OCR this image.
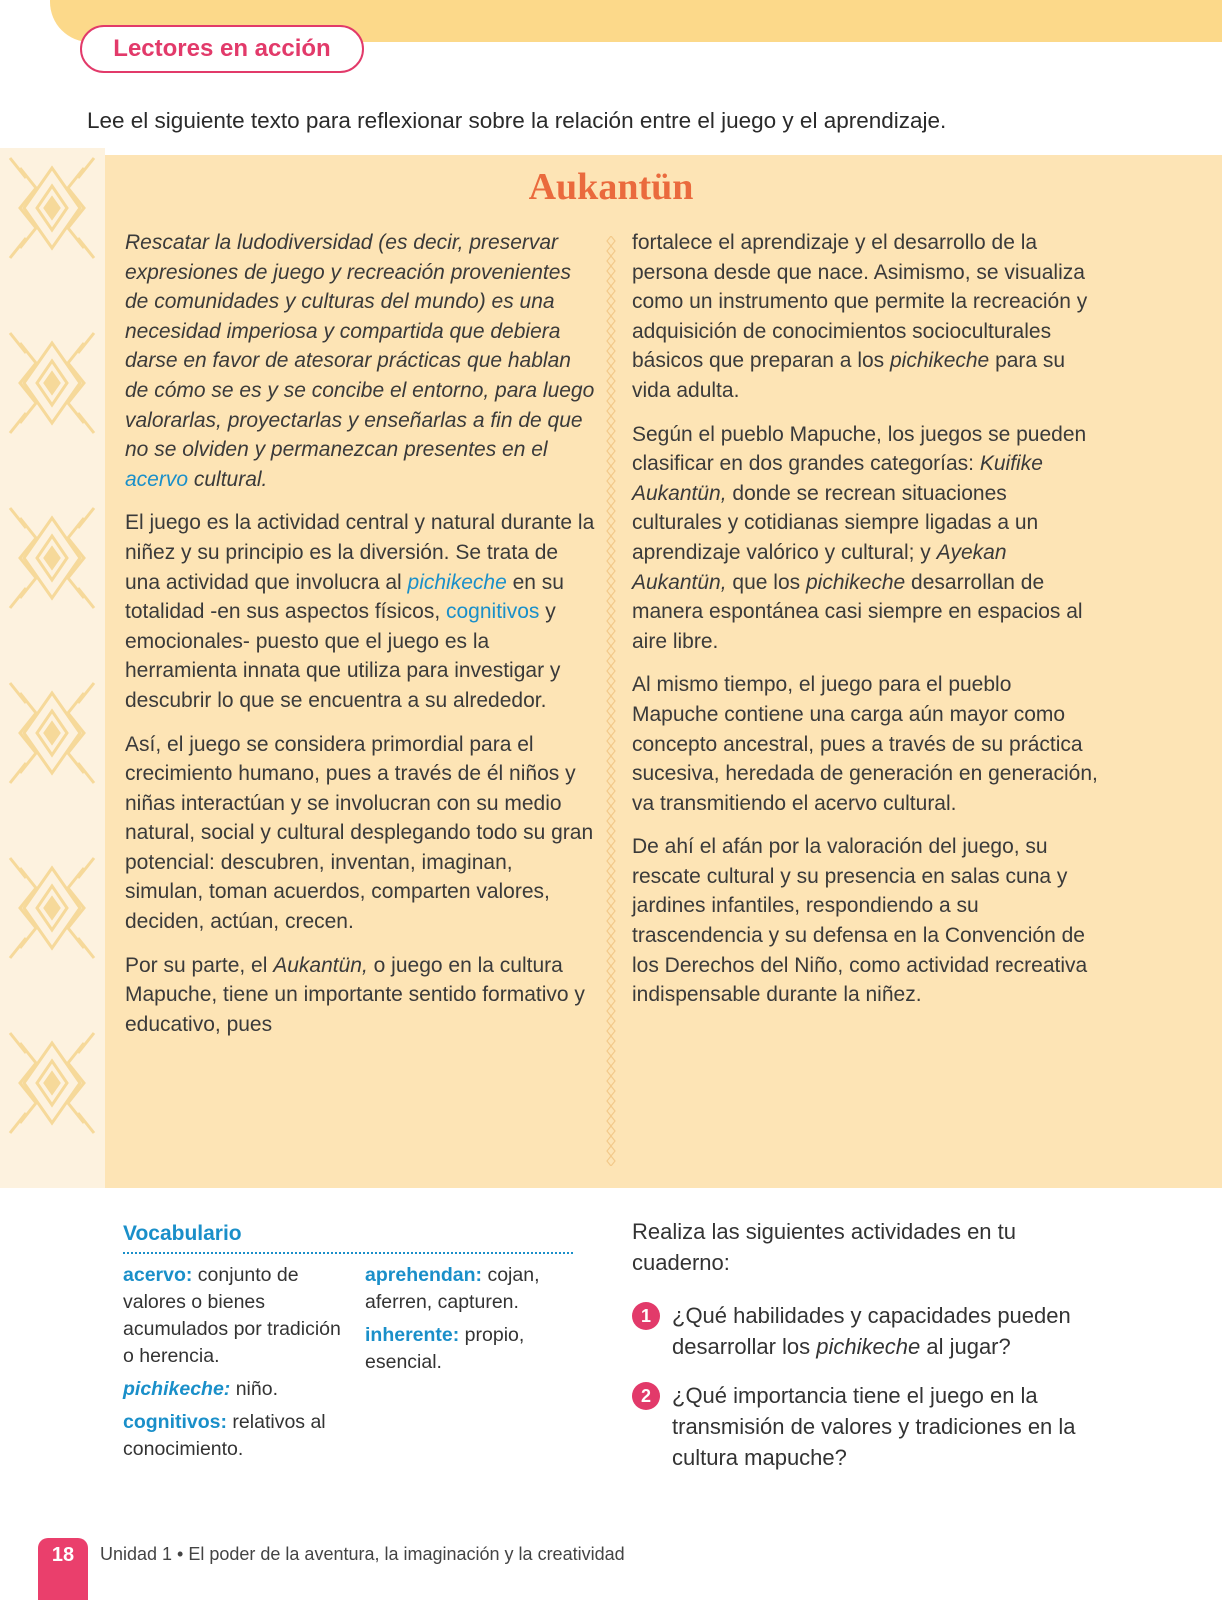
Lectores en acción
Lee el siguiente texto para reflexionar sobre la relación entre el juego y el aprendizaje.
Aukantün

Rescatar la ludodiversidad (es decir, preservar expresiones de juego y recreación provenientes de comunidades y culturas del mundo) es una necesidad imperiosa y compartida que debiera darse en favor de atesorar prácticas que hablan de cómo se es y se concibe el entorno, para luego valorarlas, proyectarlas y enseñarlas a fin de que no se olviden y permanezcan presentes en el acervo cultural.

El juego es la actividad central y natural durante la niñez y su principio es la diversión. Se trata de una actividad que involucra al pichikeche en su totalidad -en sus aspectos físicos, cognitivos y emocionales- puesto que el juego es la herramienta innata que utiliza para investigar y descubrir lo que se encuentra a su alrededor.

Así, el juego se considera primordial para el crecimiento humano, pues a través de él niños y niñas interactúan y se involucran con su medio natural, social y cultural desplegando todo su gran potencial: descubren, inventan, imaginan, simulan, toman acuerdos, comparten valores, deciden, actúan, crecen.

Por su parte, el Aukantün, o juego en la cultura Mapuche, tiene un importante sentido formativo y educativo, pues

fortalece el aprendizaje y el desarrollo de la persona desde que nace. Asimismo, se visualiza como un instrumento que permite la recreación y adquisición de conocimientos socioculturales básicos que preparan a los pichikeche para su vida adulta.

Según el pueblo Mapuche, los juegos se pueden clasificar en dos grandes categorías: Kuifike Aukantün, donde se recrean situaciones culturales y cotidianas siempre ligadas a un aprendizaje valórico y cultural; y Ayekan Aukantün, que los pichikeche desarrollan de manera espontánea casi siempre en espacios al aire libre.

Al mismo tiempo, el juego para el pueblo Mapuche contiene una carga aún mayor como concepto ancestral, pues a través de su práctica sucesiva, heredada de generación en generación, va transmitiendo el acervo cultural.

De ahí el afán por la valoración del juego, su rescate cultural y su presencia en salas cuna y jardines infantiles, respondiendo a su trascendencia y su defensa en la Convención de los Derechos del Niño, como actividad recreativa indispensable durante la niñez.

Vocabulario

acervo: conjunto de valores o bienes acumulados por tradición o herencia.

pichikeche: niño.

cognitivos: relativos al conocimiento.

aprehendan: cojan, aferren, capturen.

inherente: propio, esencial.

Realiza las siguientes actividades en tu cuaderno:

1 ¿Qué habilidades y capacidades pueden desarrollar los pichikeche al jugar?
2 ¿Qué importancia tiene el juego en la transmisión de valores y tradiciones en la cultura mapuche?
18	Unidad 1 • El poder de la aventura, la imaginación y la creatividad
